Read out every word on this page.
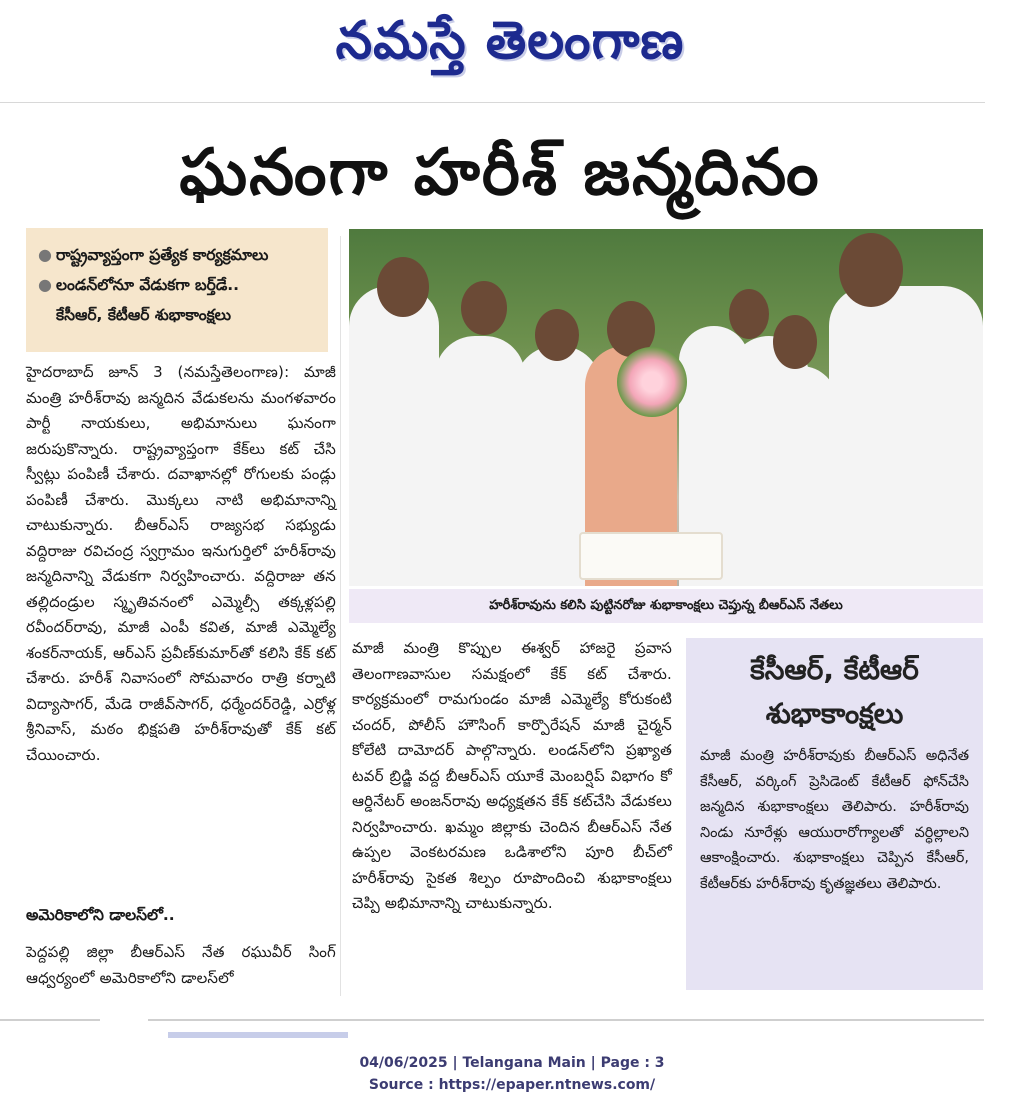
నమస్తే తెలంగాణ
ఘనంగా హరీశ్ జన్మదినం
● రాష్ట్రవ్యాప్తంగా ప్రత్యేక కార్యక్రమాలు
● లండన్‌లోనూ వేడుకగా బర్త్‌డే..
కేసీఆర్, కేటీఆర్ శుభాకాంక్షలు
హరీశ్‌రావును కలిసి పుట్టినరోజు శుభాకాంక్షలు చెప్తున్న బీఆర్‌ఎస్ నేతలు

హైదరాబాద్ జూన్ 3 (నమస్తేతెలంగాణ): మాజీ మంత్రి హరీశ్‌రావు జన్మదిన వేడుకలను మంగళవారం పార్టీ నాయకులు, అభిమానులు ఘనంగా జరుపుకొన్నారు. రాష్ట్రవ్యాప్తంగా కేక్‌లు కట్ చేసి స్వీట్లు పంపిణీ చేశారు. దవాఖానల్లో రోగులకు పండ్లు పంపిణీ చేశారు. మొక్కలు నాటి అభిమానాన్ని చాటుకున్నారు. బీఆర్‌ఎస్ రాజ్యసభ సభ్యుడు వద్దిరాజు రవిచంద్ర స్వగ్రామం ఇనుగుర్తిలో హరీశ్‌రావు జన్మదినాన్ని వేడుకగా నిర్వహించారు. వద్దిరాజు తన తల్లిదండ్రుల స్మృతివనంలో ఎమ్మెల్సీ తక్కళ్లపల్లి రవీందర్‌రావు, మాజీ ఎంపీ కవిత, మాజీ ఎమ్మెల్యే శంకర్‌నాయక్, ఆర్‌ఎస్ ప్రవీణ్‌కుమార్‌తో కలిసి కేక్ కట్ చేశారు. హరీశ్ నివాసంలో సోమవారం రాత్రి కర్నాటి విద్యాసాగర్, మేడె రాజీవ్‌సాగర్, ధర్మేందర్‌రెడ్డి, ఎర్రోళ్ల శ్రీనివాస్, మఠం భిక్షపతి హరీశ్‌రావుతో కేక్ కట్ చేయించారు.

అమెరికాలోని డాలస్‌లో..

పెద్దపల్లి జిల్లా బీఆర్‌ఎస్ నేత రఘువీర్ సింగ్ ఆధ్వర్యంలో అమెరికాలోని డాలస్‌లో

మాజీ మంత్రి కొప్పుల ఈశ్వర్ హాజరై ప్రవాస తెలంగాణవాసుల సమక్షంలో కేక్ కట్ చేశారు. కార్యక్రమంలో రామగుండం మాజీ ఎమ్మెల్యే కోరుకంటి చందర్, పోలీస్ హౌసింగ్ కార్పొరేషన్ మాజీ చైర్మన్ కోలేటి దామోదర్ పాల్గొన్నారు. లండన్‌లోని ప్రఖ్యాత టవర్ బ్రిడ్జి వద్ద బీఆర్‌ఎస్ యూకే మెంబర్షిప్ విభాగం కో ఆర్డినేటర్ అంజన్‌రావు అధ్యక్షతన కేక్ కట్‌చేసి వేడుకలు నిర్వహించారు. ఖమ్మం జిల్లాకు చెందిన బీఆర్‌ఎస్ నేత ఉప్పల వెంకటరమణ ఒడిశాలోని పూరి బీచ్‌లో హరీశ్‌రావు సైకత శిల్పం రూపొందించి శుభాకాంక్షలు చెప్పి అభిమానాన్ని చాటుకున్నారు.

కేసీఆర్, కేటీఆర్
శుభాకాంక్షలు
మాజీ మంత్రి హరీశ్‌రావుకు బీఆర్‌ఎస్ అధినేత కేసీఆర్, వర్కింగ్ ప్రెసిడెంట్ కేటీఆర్ ఫోన్‌చేసి జన్మదిన శుభాకాంక్షలు తెలిపారు. హరీశ్‌రావు నిండు నూరేళ్లు ఆయురారోగ్యాలతో వర్ధిల్లాలని ఆకాంక్షించారు. శుభాకాంక్షలు చెప్పిన కేసీఆర్, కేటీఆర్‌కు హరీశ్‌రావు కృతజ్ఞతలు తెలిపారు.
04/06/2025 | Telangana Main | Page : 3
Source : https://epaper.ntnews.com/
